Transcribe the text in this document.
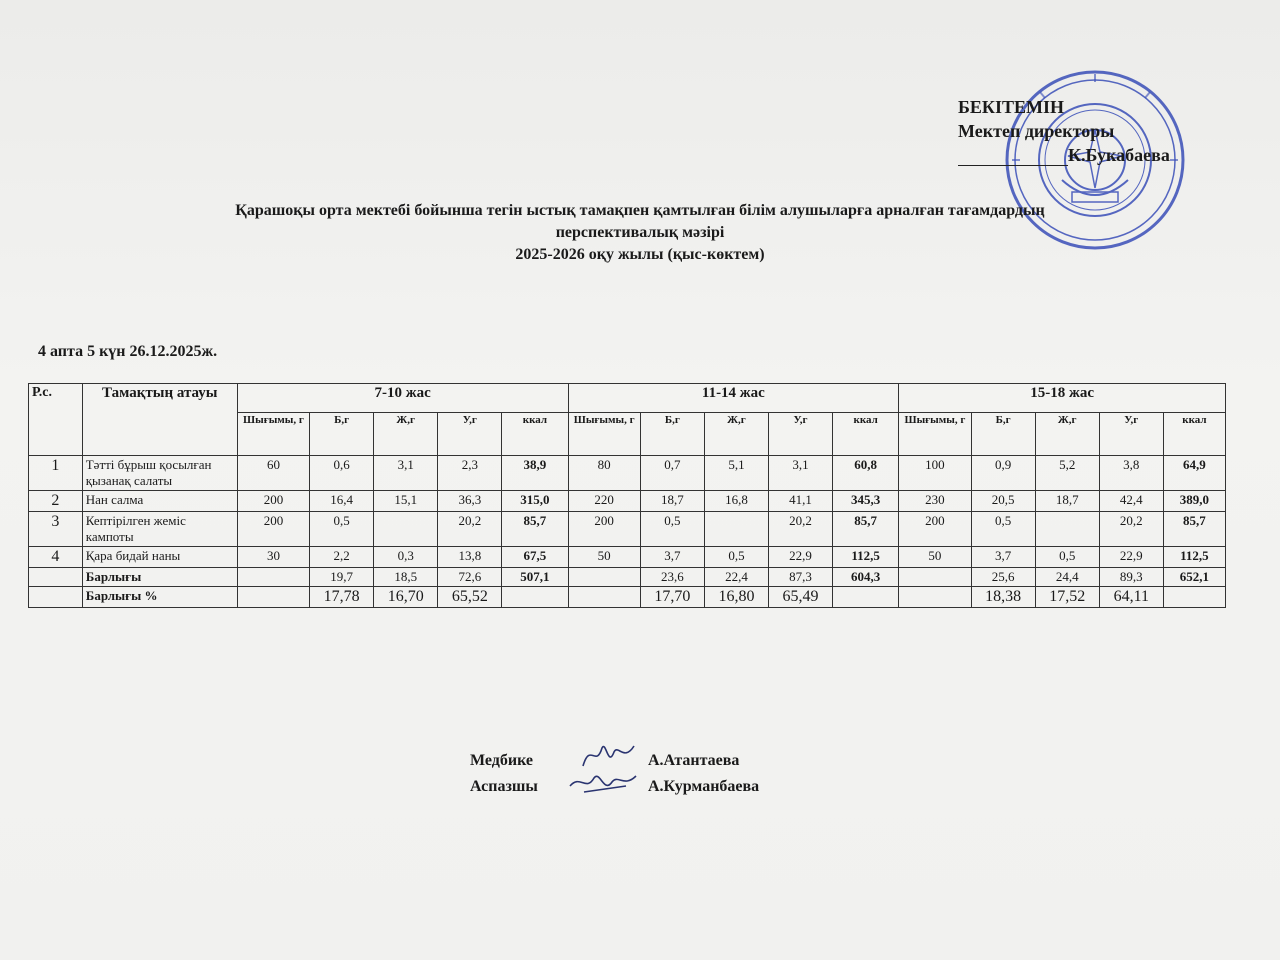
БЕКІТЕМІН
Мектеп директоры
К.Букабаева
Қарашоқы орта мектебі бойынша тегін ыстық тамақпен қамтылған білім алушыларға арналған тағамдардың
перспективалық мәзірі
2025-2026 оқу жылы (қыс-көктем)
4 апта 5 күн 26.12.2025ж.
Р.с.	Тамақтың атауы	7-10 жас					11-14 жас					15-18 жас				
		Шығымы, г	Б,г	Ж,г	У,г	ккал	Шығымы, г	Б,г	Ж,г	У,г	ккал	Шығымы, г	Б,г	Ж,г	У,г	ккал
1	Тәтті бұрыш қосылған қызанақ салаты	60	0,6	3,1	2,3	38,9	80	0,7	5,1	3,1	60,8	100	0,9	5,2	3,8	64,9
2	Нан салма	200	16,4	15,1	36,3	315,0	220	18,7	16,8	41,1	345,3	230	20,5	18,7	42,4	389,0
3	Кептірілген жеміс кампоты	200	0,5		20,2	85,7	200	0,5		20,2	85,7	200	0,5		20,2	85,7
4	Қара бидай наны	30	2,2	0,3	13,8	67,5	50	3,7	0,5	22,9	112,5	50	3,7	0,5	22,9	112,5
	Барлығы		19,7	18,5	72,6	507,1		23,6	22,4	87,3	604,3		25,6	24,4	89,3	652,1
	Барлығы %		17,78	16,70	65,52			17,70	16,80	65,49			18,38	17,52	64,11	
Медбике	А.Атантаева
Аспазшы	А.Курманбаева
